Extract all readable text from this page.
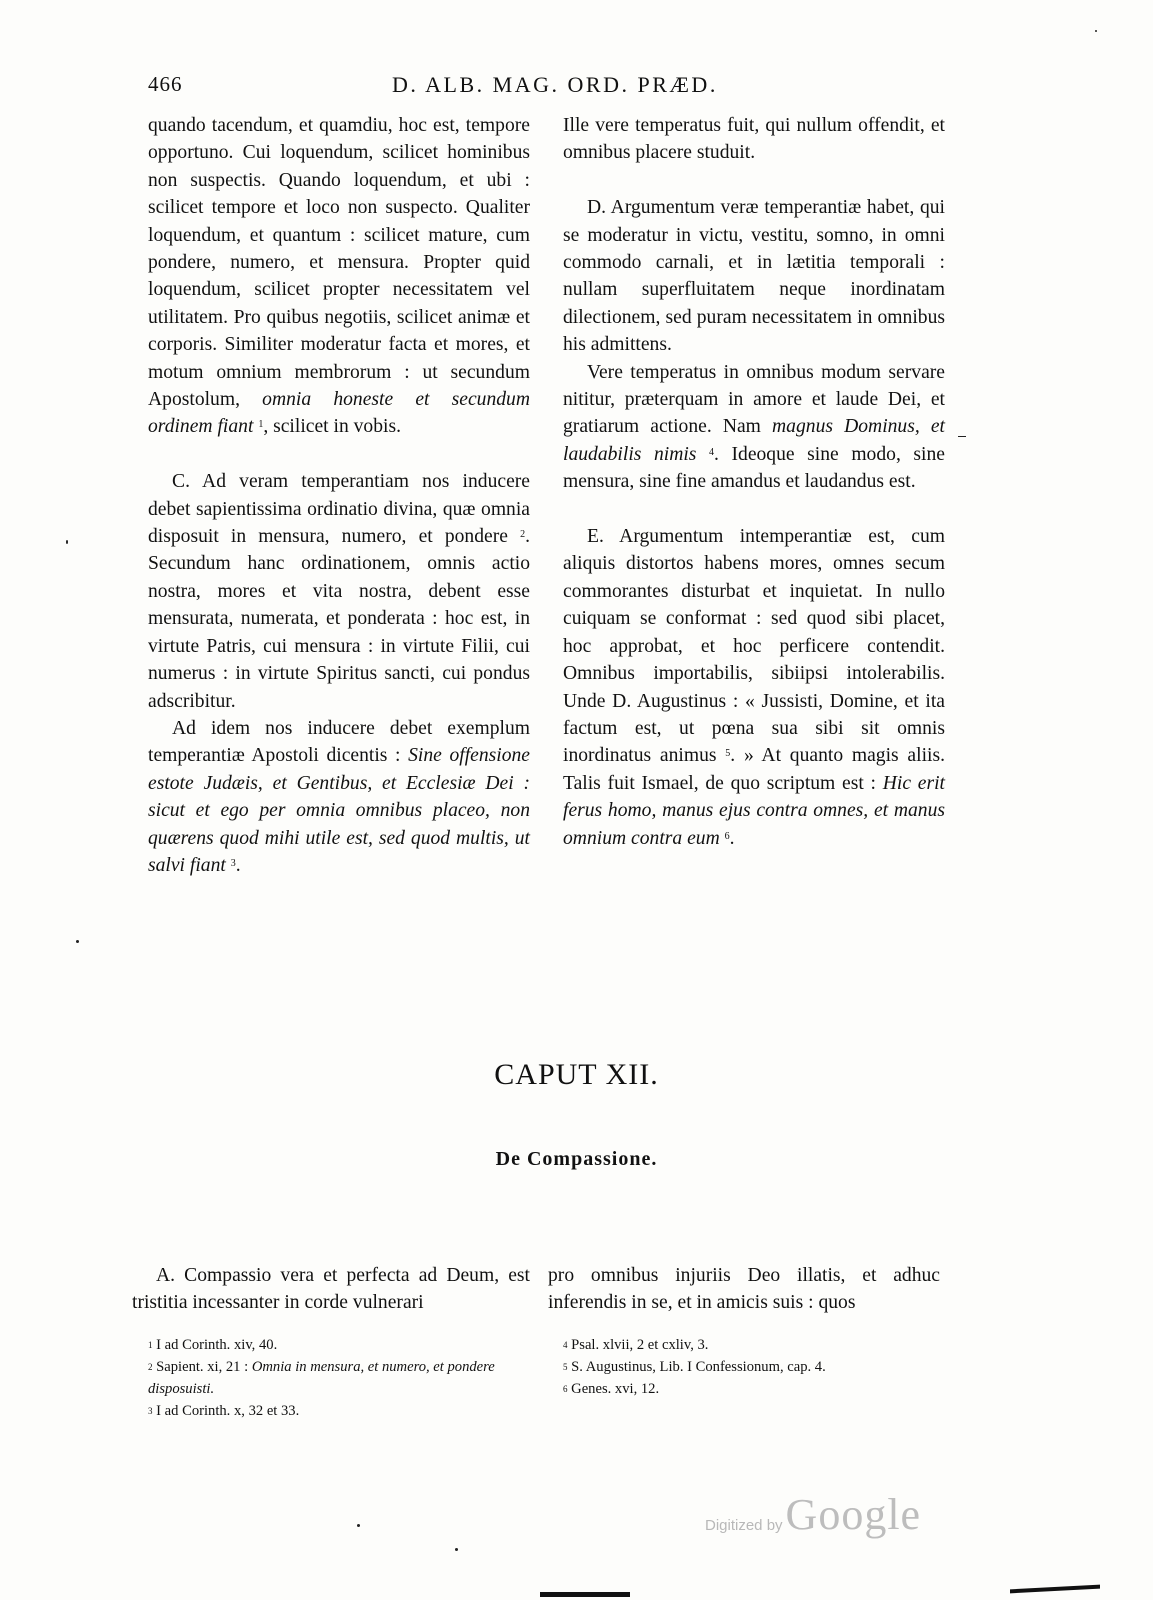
466	D. ALB. MAG. ORD. PRÆD.

quando tacendum, et quamdiu, hoc est, tempore opportuno. Cui loquendum, scilicet hominibus non suspectis. Quando loquendum, et ubi : scilicet tempore et loco non suspecto. Qualiter loquendum, et quantum : scilicet mature, cum pondere, numero, et mensura. Propter quid loquendum, scilicet propter necessitatem vel utilitatem. Pro quibus negotiis, scilicet animæ et corporis. Similiter moderatur facta et mores, et motum omnium membrorum : ut secundum Apostolum, omnia honeste et secundum ordinem fiant $^1$, scilicet in vobis.

C. Ad veram temperantiam nos inducere debet sapientissima ordinatio divina, quæ omnia disposuit in mensura, numero, et pondere $^2$. Secundum hanc ordinationem, omnis actio nostra, mores et vita nostra, debent esse mensurata, numerata, et ponderata : hoc est, in virtute Patris, cui mensura : in virtute Filii, cui numerus : in virtute Spiritus sancti, cui pondus adscribitur.

Ad idem nos inducere debet exemplum temperantiæ Apostoli dicentis : Sine offensione estote Judæis, et Gentibus, et Ecclesiæ Dei : sicut et ego per omnia omnibus placeo, non quærens quod mihi utile est, sed quod multis, ut salvi fiant $^3$.

Ille vere temperatus fuit, qui nullum offendit, et omnibus placere studuit.

D. Argumentum veræ temperantiæ habet, qui se moderatur in victu, vestitu, somno, in omni commodo carnali, et in lætitia temporali : nullam superfluitatem neque inordinatam dilectionem, sed puram necessitatem in omnibus his admittens.

Vere temperatus in omnibus modum servare nititur, præterquam in amore et laude Dei, et gratiarum actione. Nam magnus Dominus, et laudabilis nimis $^4$. Ideoque sine modo, sine mensura, sine fine amandus et laudandus est.

E. Argumentum intemperantiæ est, cum aliquis distortos habens mores, omnes secum commorantes disturbat et inquietat. In nullo cuiquam se conformat : sed quod sibi placet, hoc approbat, et hoc perficere contendit. Omnibus importabilis, sibiipsi intolerabilis. Unde D. Augustinus : « Jussisti, Domine, et ita factum est, ut pœna sua sibi sit omnis inordinatus animus $^5$. » At quanto magis aliis. Talis fuit Ismael, de quo scriptum est : Hic erit ferus homo, manus ejus contra omnes, et manus omnium contra eum $^6$.

CAPUT XII.
De Compassione.

A. Compassio vera et perfecta ad Deum, est tristitia incessanter in corde vulnerari

pro omnibus injuriis Deo illatis, et adhuc inferendis in se, et in amicis suis : quos

$^1$ I ad Corinth. xiv, 40.
$^2$ Sapient. xi, 21 : Omnia in mensura, et numero, et pondere disposuisti.
$^3$ I ad Corinth. x, 32 et 33.
$^4$ Psal. xlvii, 2 et cxliv, 3.
$^5$ S. Augustinus, Lib. I Confessionum, cap. 4.
$^6$ Genes. xvi, 12.
Digitized by Google
